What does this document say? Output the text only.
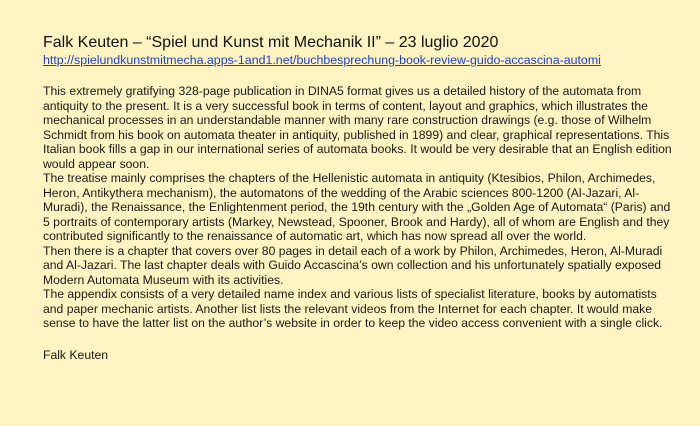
Falk Keuten – “Spiel und Kunst mit Mechanik II” – 23 luglio 2020
http://spielundkunstmitmecha.apps-1and1.net/buchbesprechung-book-review-guido-accascina-automi

This extremely gratifying 328-page publication in DINA5 format gives us a detailed history of the automata from antiquity to the present. It is a very successful book in terms of content, layout and graphics, which illustrates the mechanical processes in an understandable manner with many rare construction drawings (e.g. those of Wilhelm Schmidt from his book on automata theater in antiquity, published in 1899) and clear, graphical representations. This Italian book fills a gap in our international series of automata books. It would be very desirable that an English edition would appear soon.

The treatise mainly comprises the chapters of the Hellenistic automata in antiquity (Ktesibios, Philon, Archimedes, Heron, Antikythera mechanism), the automatons of the wedding of the Arabic sciences 800-1200 (Al-Jazari, Al-Muradi), the Renaissance, the Enlightenment period, the 19th century with the „Golden Age of Automata“ (Paris) and 5 portraits of contemporary artists (Markey, Newstead, Spooner, Brook and Hardy), all of whom are English and they contributed significantly to the renaissance of automatic art, which has now spread all over the world.

Then there is a chapter that covers over 80 pages in detail each of a work by Philon, Archimedes, Heron, Al-Muradi and Al-Jazari. The last chapter deals with Guido Accascina’s own collection and his unfortunately spatially exposed Modern Automata Museum with its activities.

The appendix consists of a very detailed name index and various lists of specialist literature, books by automatists and paper mechanic artists. Another list lists the relevant videos from the Internet for each chapter. It would make sense to have the latter list on the author’s website in order to keep the video access convenient with a single click.

Falk Keuten
